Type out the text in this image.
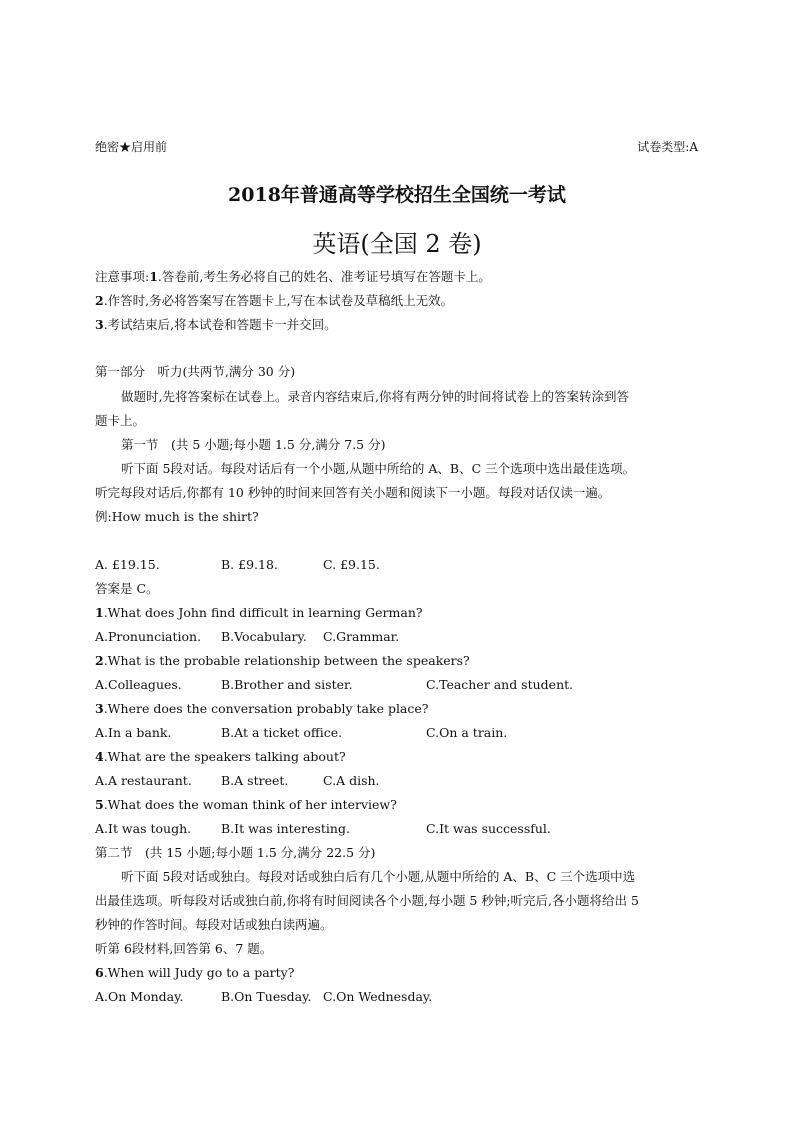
绝密★启用前	试卷类型:A
2018年普通高等学校招生全国统一考试
英语(全国 2 卷)
注意事项:1.答卷前,考生务必将自己的姓名、准考证号填写在答题卡上。
2.作答时,务必将答案写在答题卡上,写在本试卷及草稿纸上无效。
3.考试结束后,将本试卷和答题卡一并交回。
第一部分　听力(共两节,满分 30 分)
做题时,先将答案标在试卷上。录音内容结束后,你将有两分钟的时间将试卷上的答案转涂到答
题卡上。
第一节　(共 5 小题;每小题 1.5 分,满分 7.5 分)
听下面 5段对话。每段对话后有一个小题,从题中所给的 A、B、C 三个选项中选出最佳选项。
听完每段对话后,你都有 10 秒钟的时间来回答有关小题和阅读下一小题。每段对话仅读一遍。
例:How much is the shirt?
A. £19.15.	B. £9.18.	C. £9.15.
答案是 C。
1.What does John find difficult in learning German?
A.Pronunciation. B.Vocabulary. C.Grammar.
2.What is the probable relationship between the speakers?
A.Colleagues.	B.Brother and sister.	C.Teacher and student.
3.Where does the conversation probably take place?
A.In a bank.	B.At a ticket office.	C.On a train.
4.What are the speakers talking about?
A.A restaurant. B.A street.	C.A dish.
5.What does the woman think of her interview?
A.It was tough. B.It was interesting.	C.It was successful.
第二节　(共 15 小题;每小题 1.5 分,满分 22.5 分)
听下面 5段对话或独白。每段对话或独白后有几个小题,从题中所给的 A、B、C 三个选项中选
出最佳选项。听每段对话或独白前,你将有时间阅读各个小题,每小题 5 秒钟;听完后,各小题将给出 5
秒钟的作答时间。每段对话或独白读两遍。
听第 6段材料,回答第 6、7 题。
6.When will Judy go to a party?
A.On Monday.	B.On Tuesday. C.On Wednesday.
